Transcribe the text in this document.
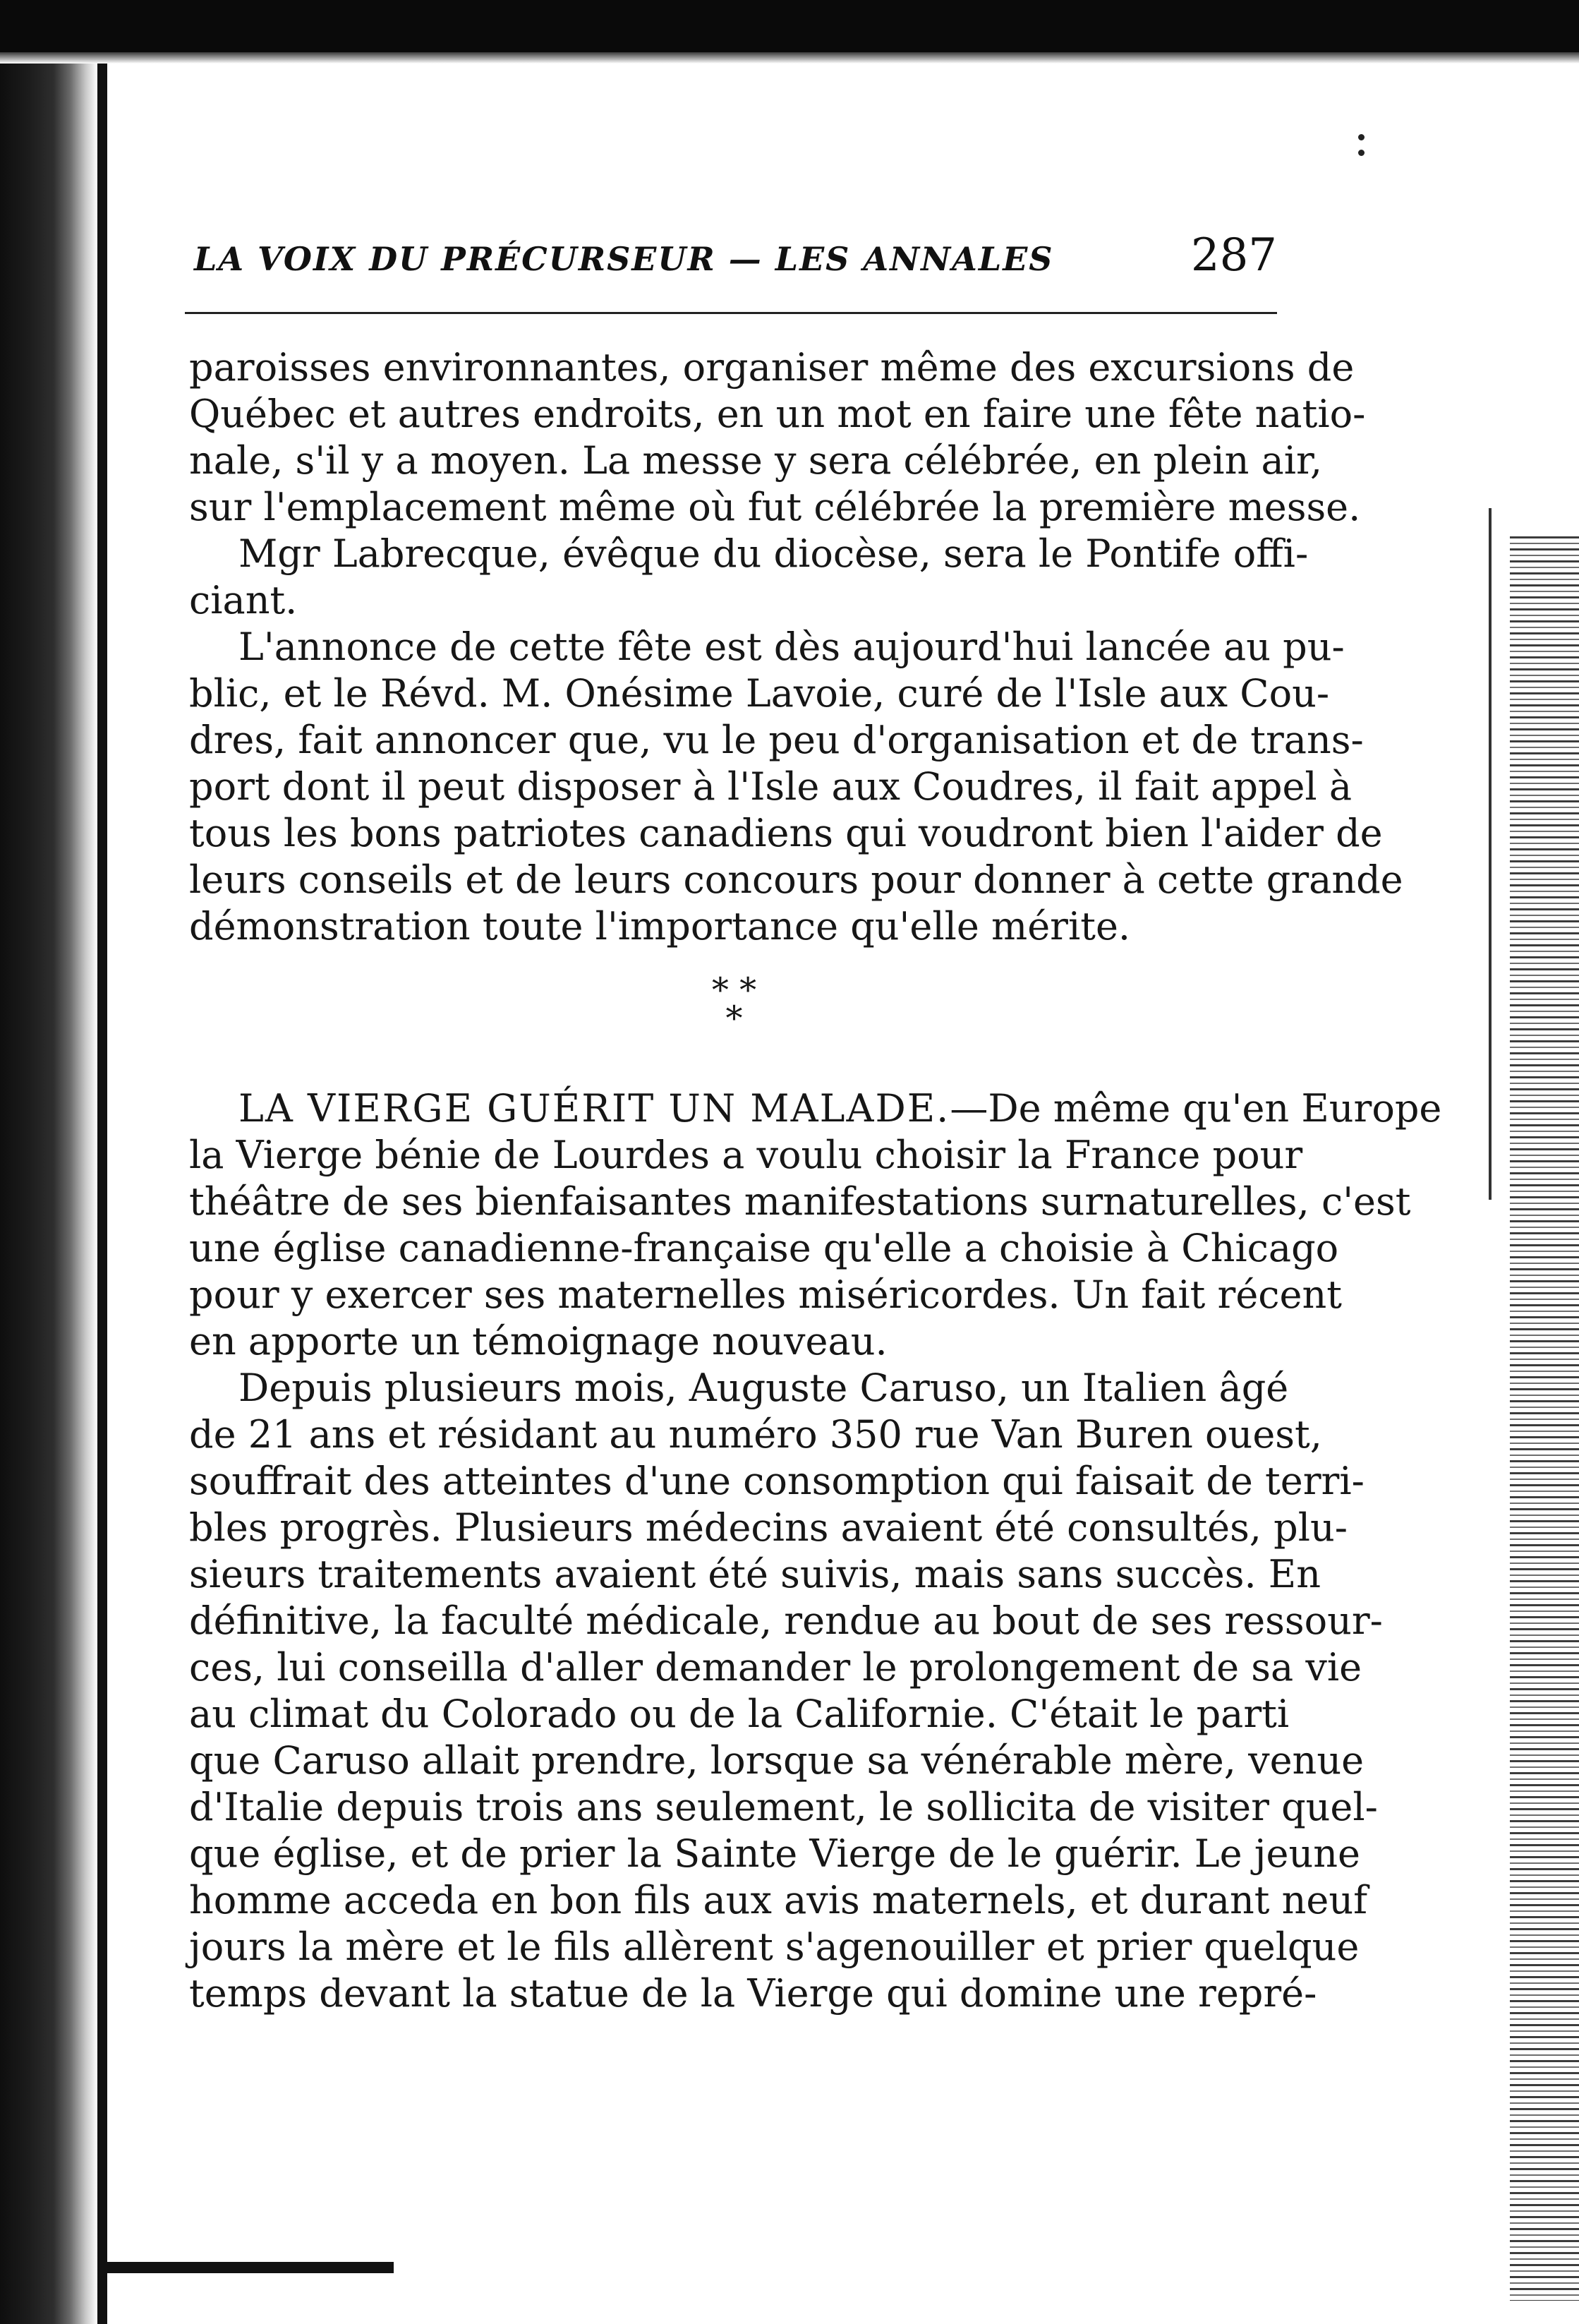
LA VOIX DU PRÉCURSEUR — LES ANNALES	287
paroisses environnantes, organiser même des excursions de
Québec et autres endroits, en un mot en faire une fête natio-
nale, s'il y a moyen. La messe y sera célébrée, en plein air,
sur l'emplacement même où fut célébrée la première messe.
Mgr Labrecque, évêque du diocèse, sera le Pontife offi-
ciant.
L'annonce de cette fête est dès aujourd'hui lancée au pu-
blic, et le Révd. M. Onésime Lavoie, curé de l'Isle aux Cou-
dres, fait annoncer que, vu le peu d'organisation et de trans-
port dont il peut disposer à l'Isle aux Coudres, il fait appel à
tous les bons patriotes canadiens qui voudront bien l'aider de
leurs conseils et de leurs concours pour donner à cette grande
démonstration toute l'importance qu'elle mérite.
* *
*
LA VIERGE GUÉRIT UN MALADE. —De même qu'en Europe
la Vierge bénie de Lourdes a voulu choisir la France pour
théâtre de ses bienfaisantes manifestations surnaturelles, c'est
une église canadienne-française qu'elle a choisie à Chicago
pour y exercer ses maternelles miséricordes. Un fait récent
en apporte un témoignage nouveau.
Depuis plusieurs mois, Auguste Caruso, un Italien âgé
de 21 ans et résidant au numéro 350 rue Van Buren ouest,
souffrait des atteintes d'une consomption qui faisait de terri-
bles progrès. Plusieurs médecins avaient été consultés, plu-
sieurs traitements avaient été suivis, mais sans succès. En
définitive, la faculté médicale, rendue au bout de ses ressour-
ces, lui conseilla d'aller demander le prolongement de sa vie
au climat du Colorado ou de la Californie. C'était le parti
que Caruso allait prendre, lorsque sa vénérable mère, venue
d'Italie depuis trois ans seulement, le sollicita de visiter quel-
que église, et de prier la Sainte Vierge de le guérir. Le jeune
homme acceda en bon fils aux avis maternels, et durant neuf
jours la mère et le fils allèrent s'agenouiller et prier quelque
temps devant la statue de la Vierge qui domine une repré-
